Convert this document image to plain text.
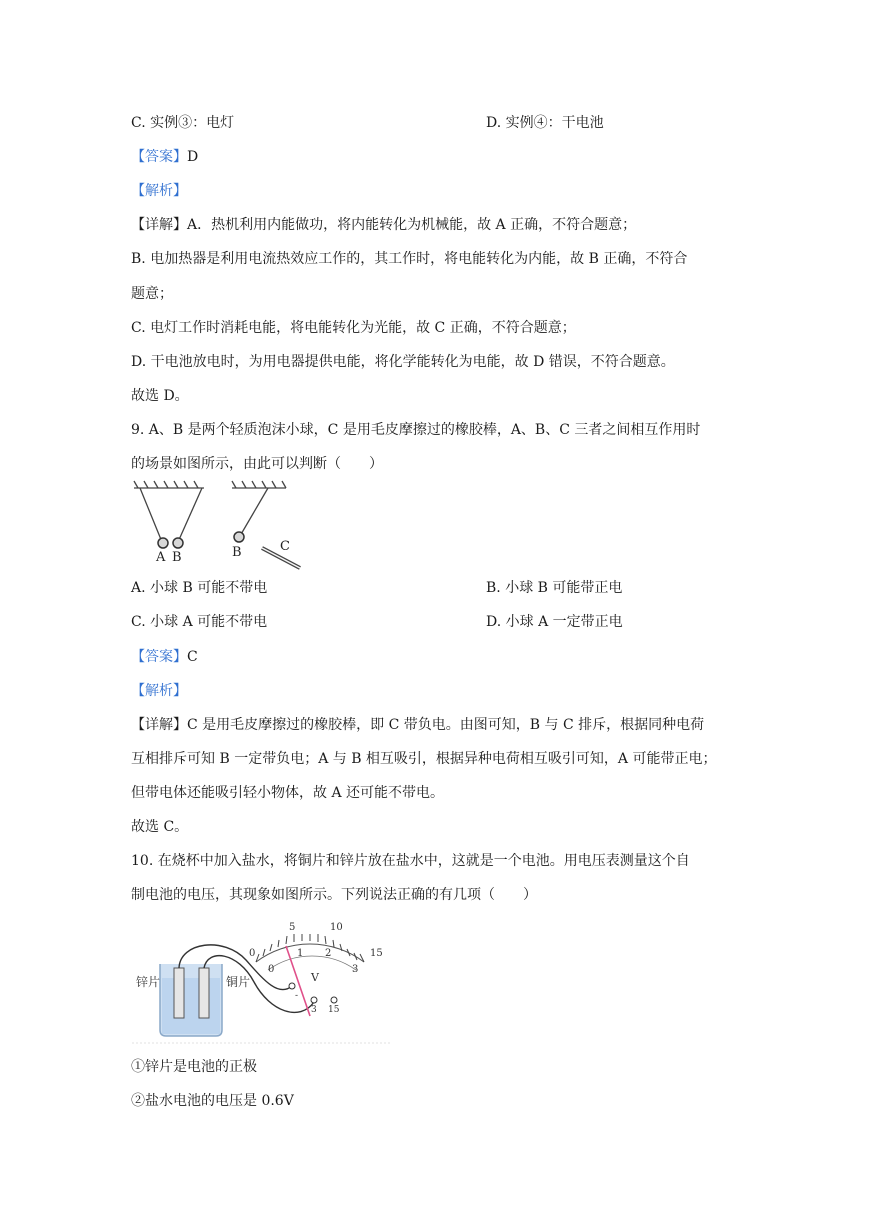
C. 实例③：电灯	D. 实例④：干电池
【答案】D
【解析】
【详解】A．热机利用内能做功，将内能转化为机械能，故 A 正确，不符合题意；
B. 电加热器是利用电流热效应工作的，其工作时，将电能转化为内能，故 B 正确，不符合
题意；
C. 电灯工作时消耗电能，将电能转化为光能，故 C 正确，不符合题意；
D. 干电池放电时，为用电器提供电能，将化学能转化为电能，故 D 错误，不符合题意。
故选 D。
9. A、B 是两个轻质泡沫小球，C 是用毛皮摩擦过的橡胶棒，A、B、C 三者之间相互作用时
的场景如图所示，由此可以判断（　　）
A B	B	C
A. 小球 B 可能不带电	B. 小球 B 可能带正电
C. 小球 A 可能不带电	D. 小球 A 一定带正电
【答案】C
【解析】
【详解】C 是用毛皮摩擦过的橡胶棒，即 C 带负电。由图可知，B 与 C 排斥，根据同种电荷
互相排斥可知 B 一定带负电；A 与 B 相互吸引，根据异种电荷相互吸引可知，A 可能带正电；
但带电体还能吸引轻小物体，故 A 还可能不带电。
故选 C。
10. 在烧杯中加入盐水，将铜片和锌片放在盐水中，这就是一个电池。用电压表测量这个自
制电池的电压，其现象如图所示。下列说法正确的有几项（　　）
0
5	10
15
0
1 2
3
V
-
3 15
锌片	铜片
①锌片是电池的正极
②盐水电池的电压是 0.6V
